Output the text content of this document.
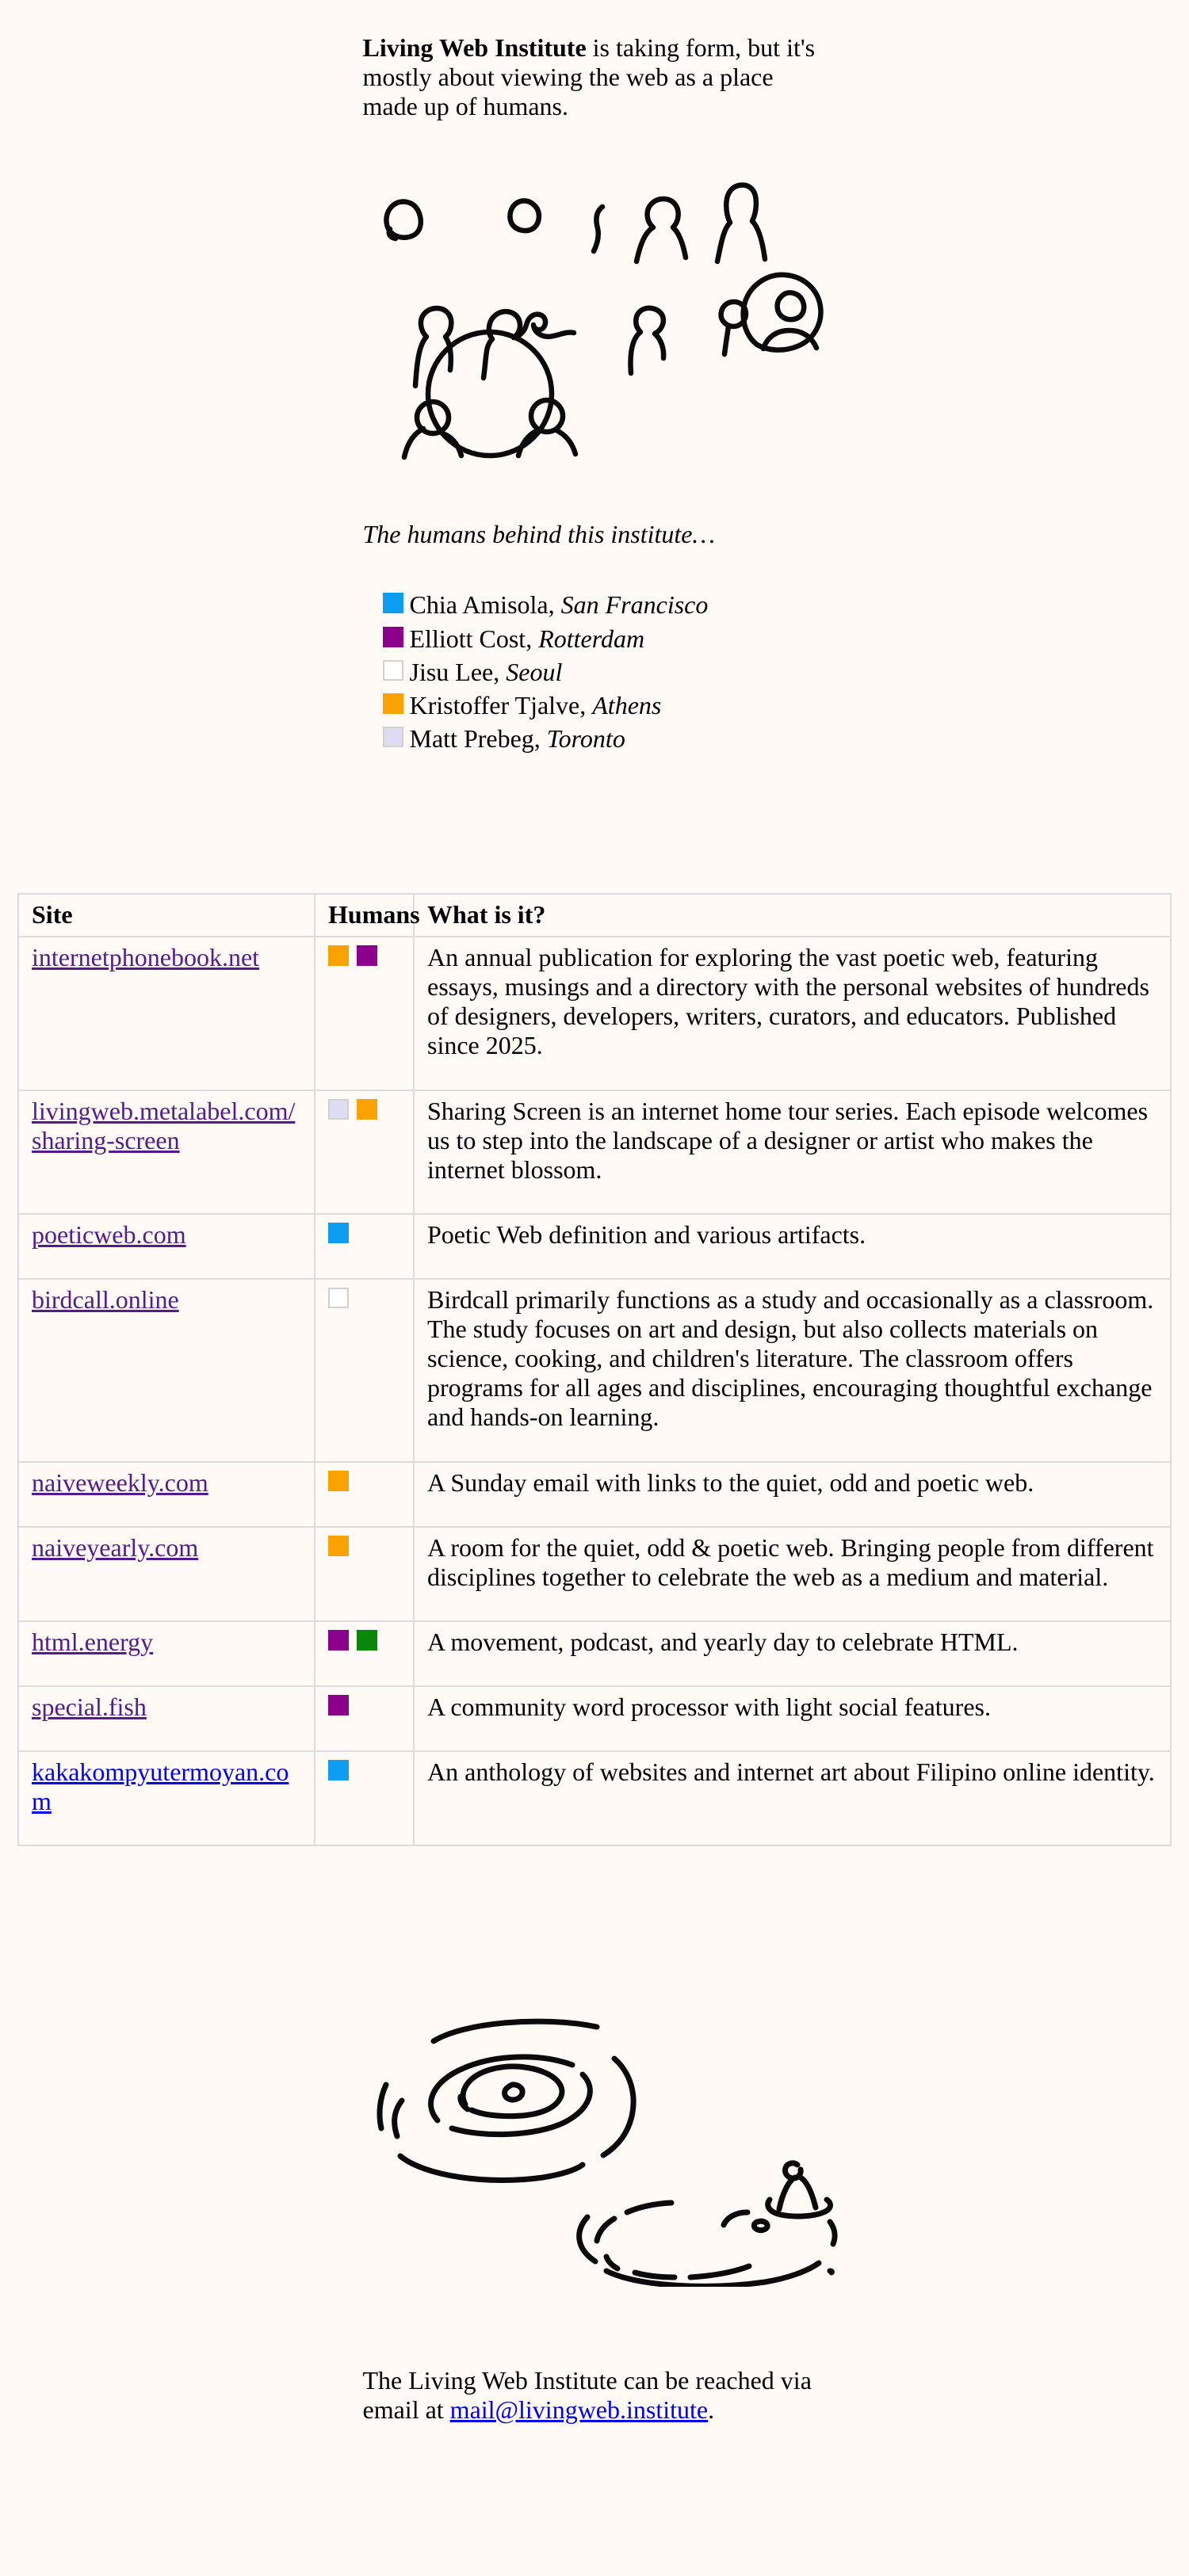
Living Web Institute is taking form, but it's mostly about viewing the web as a place made up of humans.

The humans behind this institute…

Chia Amisola, San Francisco
Elliott Cost, Rotterdam
Jisu Lee, Seoul
Kristoffer Tjalve, Athens
Matt Prebeg, Toronto
Site	Humans	What is it?
internetphonebook.net		An annual publication for exploring the vast poetic web, featuring essays, musings and a directory with the personal websites of hundreds of designers, developers, writers, curators, and educators. Published since 2025.

livingweb.metalabel.com/sharing-screen		Sharing Screen is an internet home tour series. Each episode welcomes us to step into the landscape of a designer or artist who makes the internet blossom.

poeticweb.com		Poetic Web definition and various artifacts.

birdcall.online		Birdcall primarily functions as a study and occasionally as a classroom. The study focuses on art and design, but also collects materials on science, cooking, and children's literature. The classroom offers programs for all ages and disciplines, encouraging thoughtful exchange and hands-on learning.

naiveweekly.com		A Sunday email with links to the quiet, odd and poetic web.

naiveyearly.com		A room for the quiet, odd & poetic web. Bringing people from different disciplines together to celebrate the web as a medium and material.

html.energy		A movement, podcast, and yearly day to celebrate HTML.

special.fish		A community word processor with light social features.

kakakompyutermoyan.com		An anthology of websites and internet art about Filipino online identity.

The Living Web Institute can be reached via email at mail@livingweb.institute.
